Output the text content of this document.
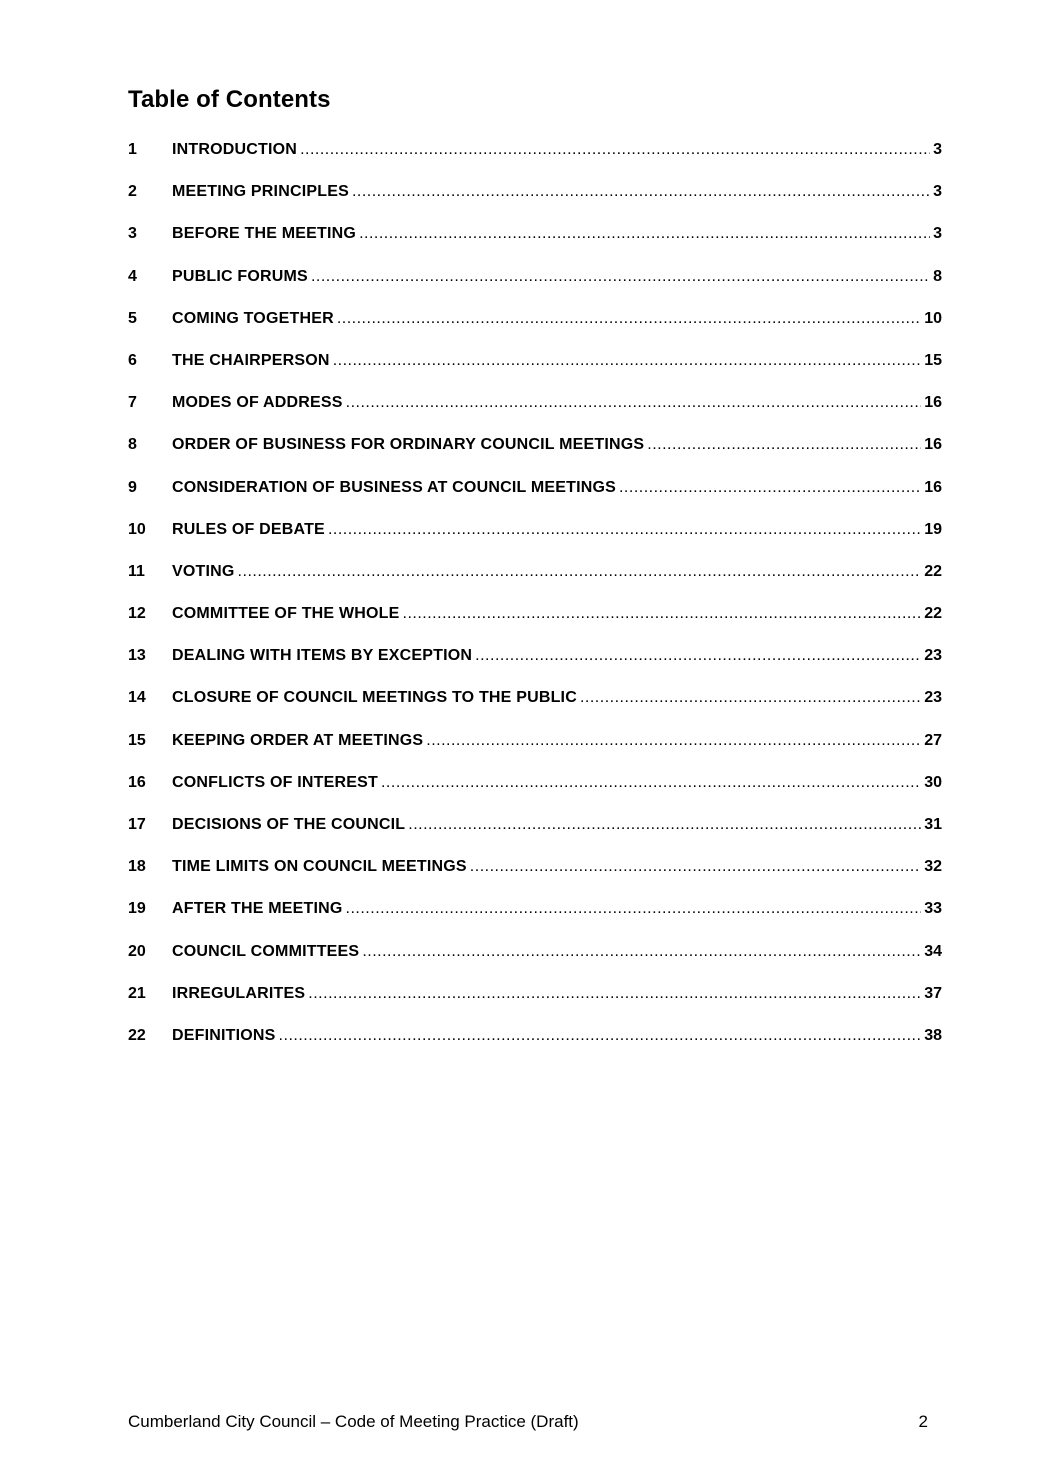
Table of Contents
1	INTRODUCTION .....	3
2	MEETING PRINCIPLES .....	3
3	BEFORE THE MEETING .....	3
4	PUBLIC FORUMS .....	8
5	COMING TOGETHER .....	10
6	THE CHAIRPERSON .....	15
7	MODES OF ADDRESS .....	16
8	ORDER OF BUSINESS FOR ORDINARY COUNCIL MEETINGS .....	16
9	CONSIDERATION OF BUSINESS AT COUNCIL MEETINGS .....	16
10	RULES OF DEBATE .....	19
11	VOTING .....	22
12	COMMITTEE OF THE WHOLE .....	22
13	DEALING WITH ITEMS BY EXCEPTION .....	23
14	CLOSURE OF COUNCIL MEETINGS TO THE PUBLIC .....	23
15	KEEPING ORDER AT MEETINGS .....	27
16	CONFLICTS OF INTEREST .....	30
17	DECISIONS OF THE COUNCIL .....	31
18	TIME LIMITS ON COUNCIL MEETINGS .....	32
19	AFTER THE MEETING .....	33
20	COUNCIL COMMITTEES .....	34
21	IRREGULARITES .....	37
22	DEFINITIONS .....	38
Cumberland City Council – Code of Meeting Practice (Draft)	2
